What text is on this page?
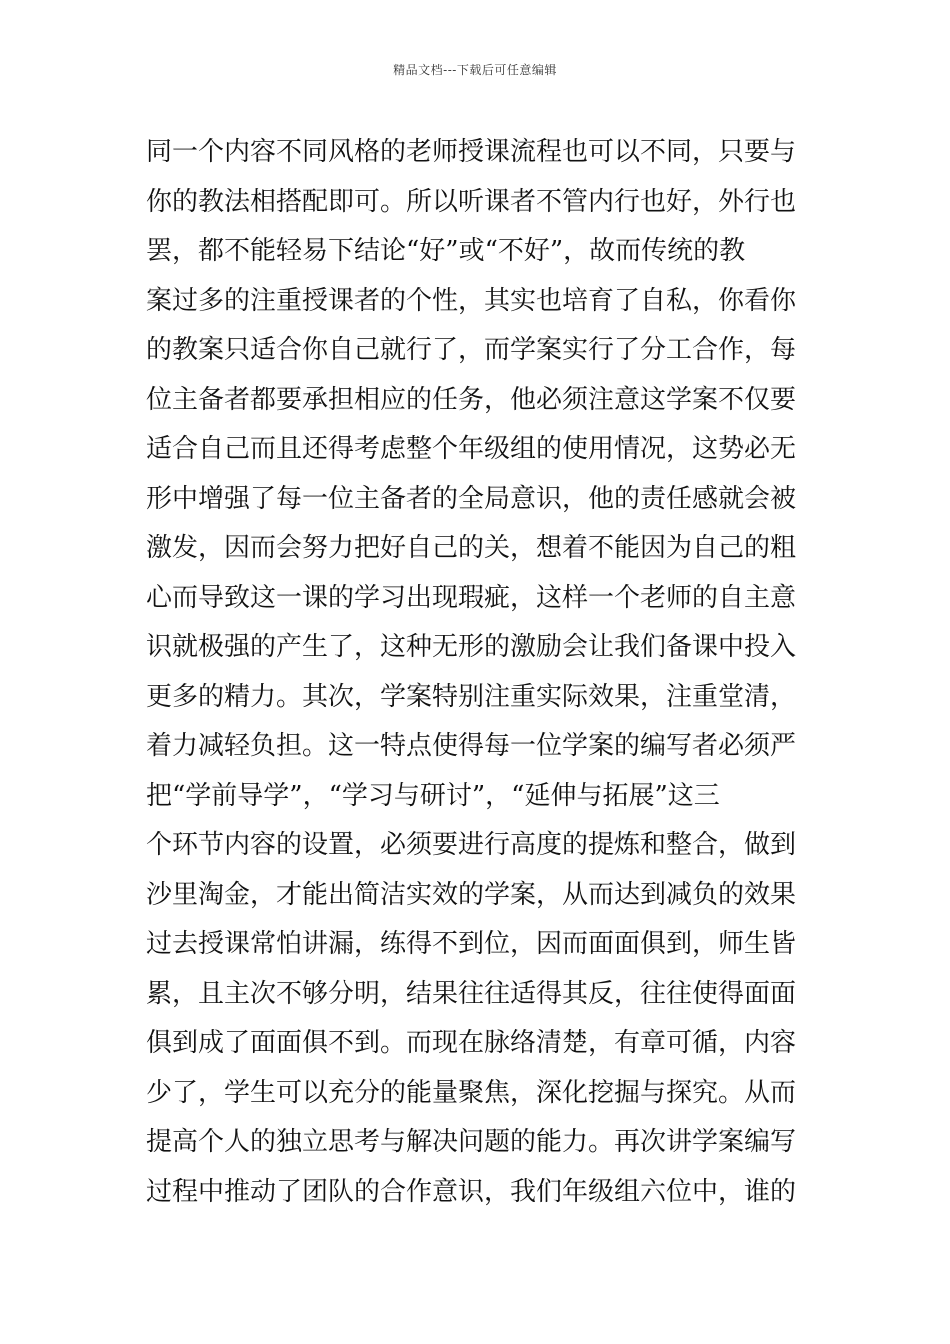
精品文档---下载后可任意编辑
同一个内容不同风格的老师授课流程也可以不同，只要与
你的教法相搭配即可。所以听课者不管内行也好，外行也
罢，都不能轻易下结论“好”或“不好”，故而传统的教
案过多的注重授课者的个性，其实也培育了自私，你看你
的教案只适合你自己就行了，而学案实行了分工合作，每
位主备者都要承担相应的任务，他必须注意这学案不仅要
适合自己而且还得考虑整个年级组的使用情况，这势必无
形中增强了每一位主备者的全局意识，他的责任感就会被
激发，因而会努力把好自己的关，想着不能因为自己的粗
心而导致这一课的学习出现瑕疵，这样一个老师的自主意
识就极强的产生了，这种无形的激励会让我们备课中投入
更多的精力。其次，学案特别注重实际效果，注重堂清，
着力减轻负担。这一特点使得每一位学案的编写者必须严
把“学前导学”，“学习与研讨”，“延伸与拓展”这三
个环节内容的设置，必须要进行高度的提炼和整合，做到
沙里淘金，才能出简洁实效的学案，从而达到减负的效果
过去授课常怕讲漏，练得不到位，因而面面俱到，师生皆
累，且主次不够分明，结果往往适得其反，往往使得面面
俱到成了面面俱不到。而现在脉络清楚，有章可循，内容
少了，学生可以充分的能量聚焦，深化挖掘与探究。从而
提高个人的独立思考与解决问题的能力。再次讲学案编写
过程中推动了团队的合作意识，我们年级组六位中，谁的
